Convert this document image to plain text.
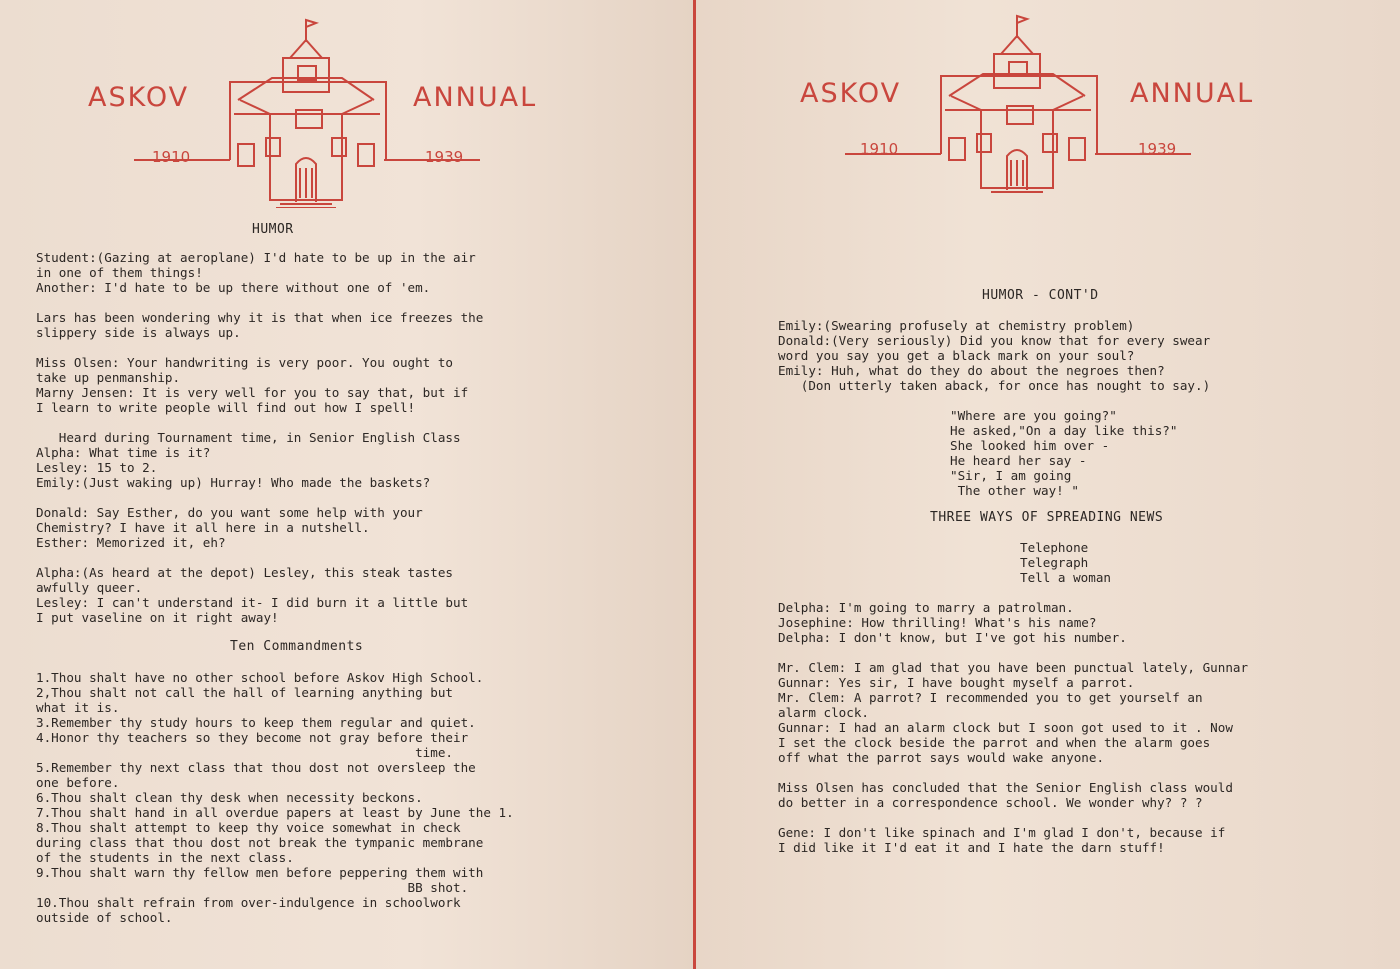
ASKOV	ANNUAL
1910	1939
HUMOR
Student:(Gazing at aeroplane) I'd hate to be up in the air
in one of them things!
Another: I'd hate to be up there without one of 'em.
Lars has been wondering why it is that when ice freezes the
slippery side is always up.
Miss Olsen: Your handwriting is very poor. You ought to
take up penmanship.
Marny Jensen: It is very well for you to say that, but if
I learn to write people will find out how I spell!
Heard during Tournament time, in Senior English Class
Alpha: What time is it?
Lesley: 15 to 2.
Emily:(Just waking up) Hurray! Who made the baskets?
Donald: Say Esther, do you want some help with your
Chemistry? I have it all here in a nutshell.
Esther: Memorized it, eh?
Alpha:(As heard at the depot) Lesley, this steak tastes
awfully queer.
Lesley: I can't understand it- I did burn it a little but
I put vaseline on it right away!
Ten Commandments
1.Thou shalt have no other school before Askov High School.
2,Thou shalt not call the hall of learning anything but
what it is.
3.Remember thy study hours to keep them regular and quiet.
4.Honor thy teachers so they become not gray before their
time.
5.Remember thy next class that thou dost not oversleep the
one before.
6.Thou shalt clean thy desk when necessity beckons.
7.Thou shalt hand in all overdue papers at least by June the 1.
8.Thou shalt attempt to keep thy voice somewhat in check
during class that thou dost not break the tympanic membrane
of the students in the next class.
9.Thou shalt warn thy fellow men before peppering them with
BB shot.
10.Thou shalt refrain from over-indulgence in schoolwork
outside of school.
ASKOV	ANNUAL
1910	1939
HUMOR - CONT'D
Emily:(Swearing profusely at chemistry problem)
Donald:(Very seriously) Did you know that for every swear
word you say you get a black mark on your soul?
Emily: Huh, what do they do about the negroes then?
(Don utterly taken aback, for once has nought to say.)
"Where are you going?"
He asked,"On a day like this?"
She looked him over -
He heard her say -
"Sir, I am going
The other way! "
THREE WAYS OF SPREADING NEWS
Telephone
Telegraph
Tell a woman
Delpha: I'm going to marry a patrolman.
Josephine: How thrilling! What's his name?
Delpha: I don't know, but I've got his number.
Mr. Clem: I am glad that you have been punctual lately, Gunnar
Gunnar: Yes sir, I have bought myself a parrot.
Mr. Clem: A parrot? I recommended you to get yourself an
alarm clock.
Gunnar: I had an alarm clock but I soon got used to it . Now
I set the clock beside the parrot and when the alarm goes
off what the parrot says would wake anyone.
Miss Olsen has concluded that the Senior English class would
do better in a correspondence school. We wonder why? ? ?
Gene: I don't like spinach and I'm glad I don't, because if
I did like it I'd eat it and I hate the darn stuff!
